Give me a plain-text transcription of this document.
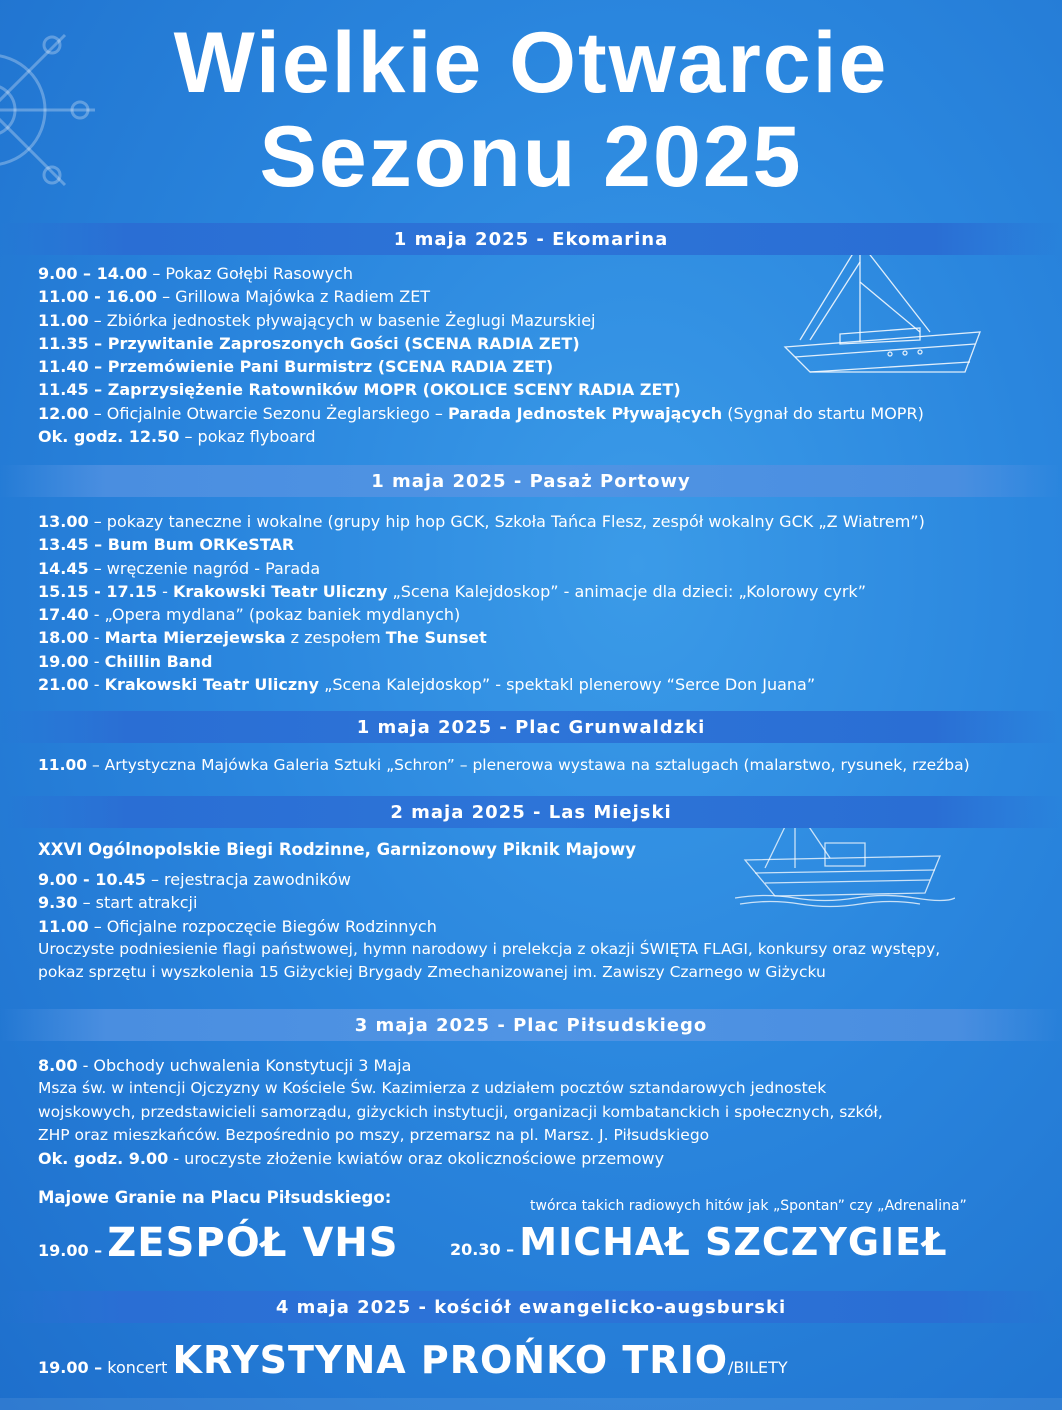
Wielkie Otwarcie
Sezonu 2025
1 maja 2025 - Ekomarina
9.00 – 14.00 – Pokaz Gołębi Rasowych
11.00 - 16.00 – Grillowa Majówka z Radiem ZET
11.00 – Zbiórka jednostek pływających w basenie Żeglugi Mazurskiej
11.35 – Przywitanie Zaproszonych Gości (SCENA RADIA ZET)
11.40 – Przemówienie Pani Burmistrz (SCENA RADIA ZET)
11.45 – Zaprzysiężenie Ratowników MOPR (OKOLICE SCENY RADIA ZET)
12.00 – Oficjalnie Otwarcie Sezonu Żeglarskiego – Parada Jednostek Pływających (Sygnał do startu MOPR)
Ok. godz. 12.50 – pokaz flyboard
1 maja 2025 - Pasaż Portowy
13.00 – pokazy taneczne i wokalne (grupy hip hop GCK, Szkoła Tańca Flesz, zespół wokalny GCK „Z Wiatrem”)
13.45 – Bum Bum ORKeSTAR
14.45 – wręczenie nagród - Parada
15.15 - 17.15 - Krakowski Teatr Uliczny „Scena Kalejdoskop” - animacje dla dzieci: „Kolorowy cyrk”
17.40 - „Opera mydlana” (pokaz baniek mydlanych)
18.00 - Marta Mierzejewska z zespołem The Sunset
19.00 - Chillin Band
21.00 - Krakowski Teatr Uliczny „Scena Kalejdoskop” - spektakl plenerowy “Serce Don Juana”
1 maja 2025 - Plac Grunwaldzki
11.00 – Artystyczna Majówka Galeria Sztuki „Schron” – plenerowa wystawa na sztalugach (malarstwo, rysunek, rzeźba)
2 maja 2025 - Las Miejski
XXVI Ogólnopolskie Biegi Rodzinne, Garnizonowy Piknik Majowy
9.00 - 10.45 – rejestracja zawodników
9.30 – start atrakcji
11.00 – Oficjalne rozpoczęcie Biegów Rodzinnych
Uroczyste podniesienie flagi państwowej, hymn narodowy i prelekcja z okazji ŚWIĘTA FLAGI, konkursy oraz występy,
pokaz sprzętu i wyszkolenia 15 Giżyckiej Brygady Zmechanizowanej im. Zawiszy Czarnego w Giżycku
3 maja 2025 - Plac Piłsudskiego
8.00 - Obchody uchwalenia Konstytucji 3 Maja
Msza św. w intencji Ojczyzny w Kościele Św. Kazimierza z udziałem pocztów sztandarowych jednostek
wojskowych, przedstawicieli samorządu, giżyckich instytucji, organizacji kombatanckich i społecznych, szkół,
ZHP oraz mieszkańców. Bezpośrednio po mszy, przemarsz na pl. Marsz. J. Piłsudskiego
Ok. godz. 9.00 - uroczyste złożenie kwiatów oraz okolicznościowe przemowy
Majowe Granie na Placu Piłsudskiego:	twórca takich radiowych hitów jak „Spontan” czy „Adrenalina”
19.00 – ZESPÓŁ VHS	20.30 – MICHAŁ SZCZYGIEŁ
4 maja 2025 - kościół ewangelicko-augsburski
19.00 – koncert KRYSTYNA PROŃKO TRIO/BILETY
